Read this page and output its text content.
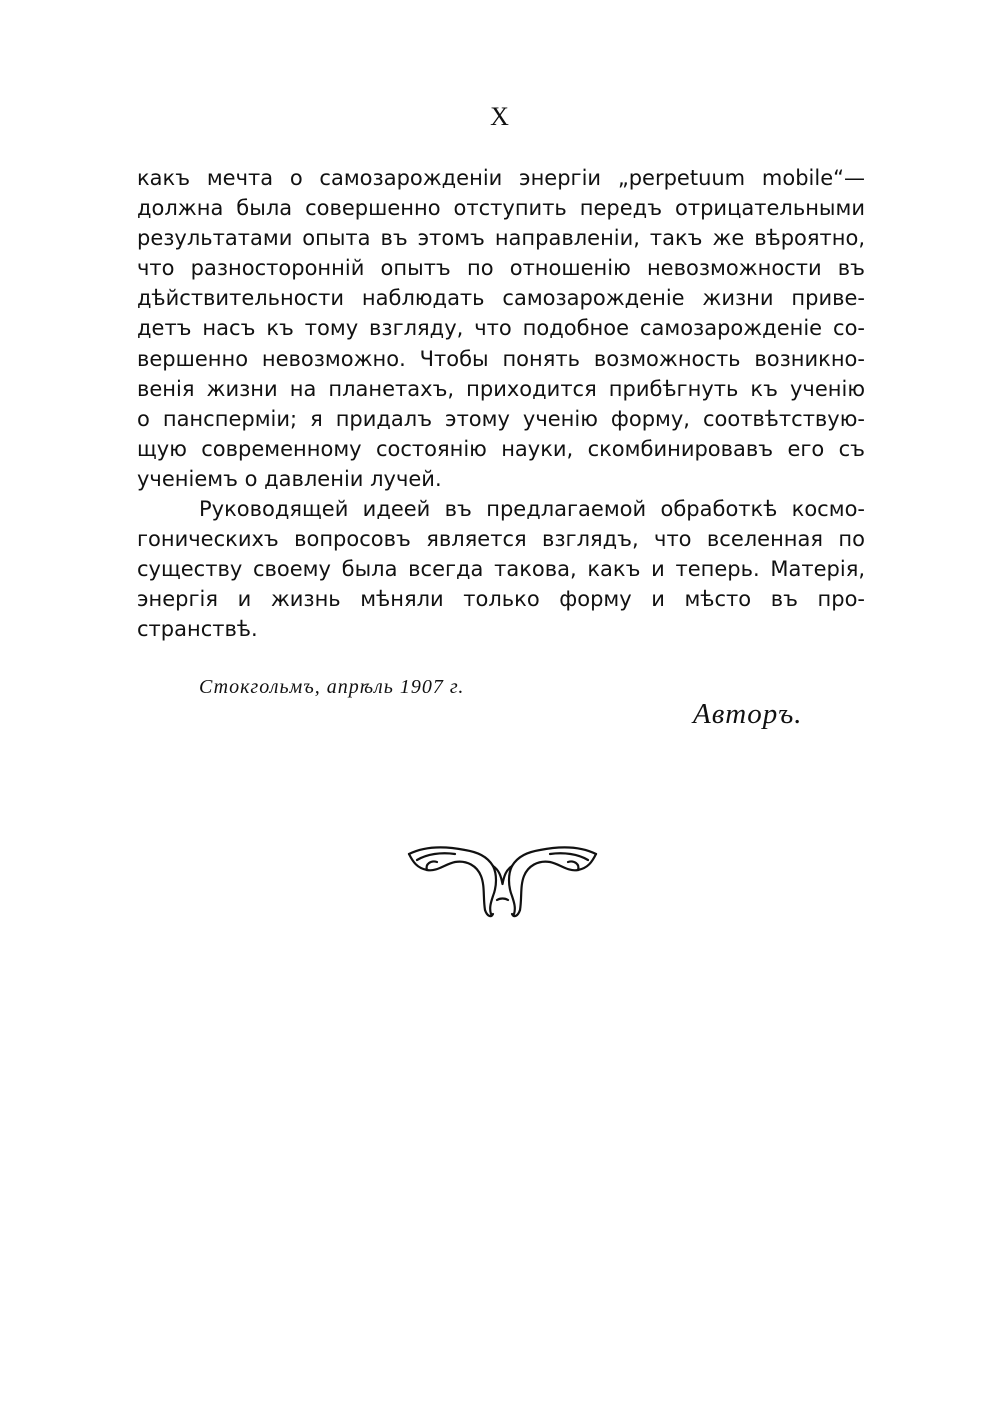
X
какъ мечта о самозарожденіи энергіи „perpetuum mobile“—
должна была совершенно отступить передъ отрицательными
результатами опыта въ этомъ направленіи, такъ же вѣроятно,
что разносторонній опытъ по отношенію невозможности въ
дѣйствительности наблюдать самозарожденіе жизни приве-
детъ насъ къ тому взгляду, что подобное самозарожденіе со-
вершенно невозможно. Чтобы понять возможность возникно-
венія жизни на планетахъ, приходится прибѣгнуть къ ученію
о панспермiи; я придалъ этому ученію форму, соотвѣтствую-
щую современному состоянію науки, скомбинировавъ его съ
ученіемъ о давленіи лучей.
Руководящей идеей въ предлагаемой обработкѣ космо-
гоническихъ вопросовъ является взглядъ, что вселенная по
существу своему была всегда такова, какъ и теперь. Матерія,
энергія и жизнь мѣняли только форму и мѣсто въ про-
странствѣ.
Стокгольмъ, апрѣль 1907 г.
Авторъ.
